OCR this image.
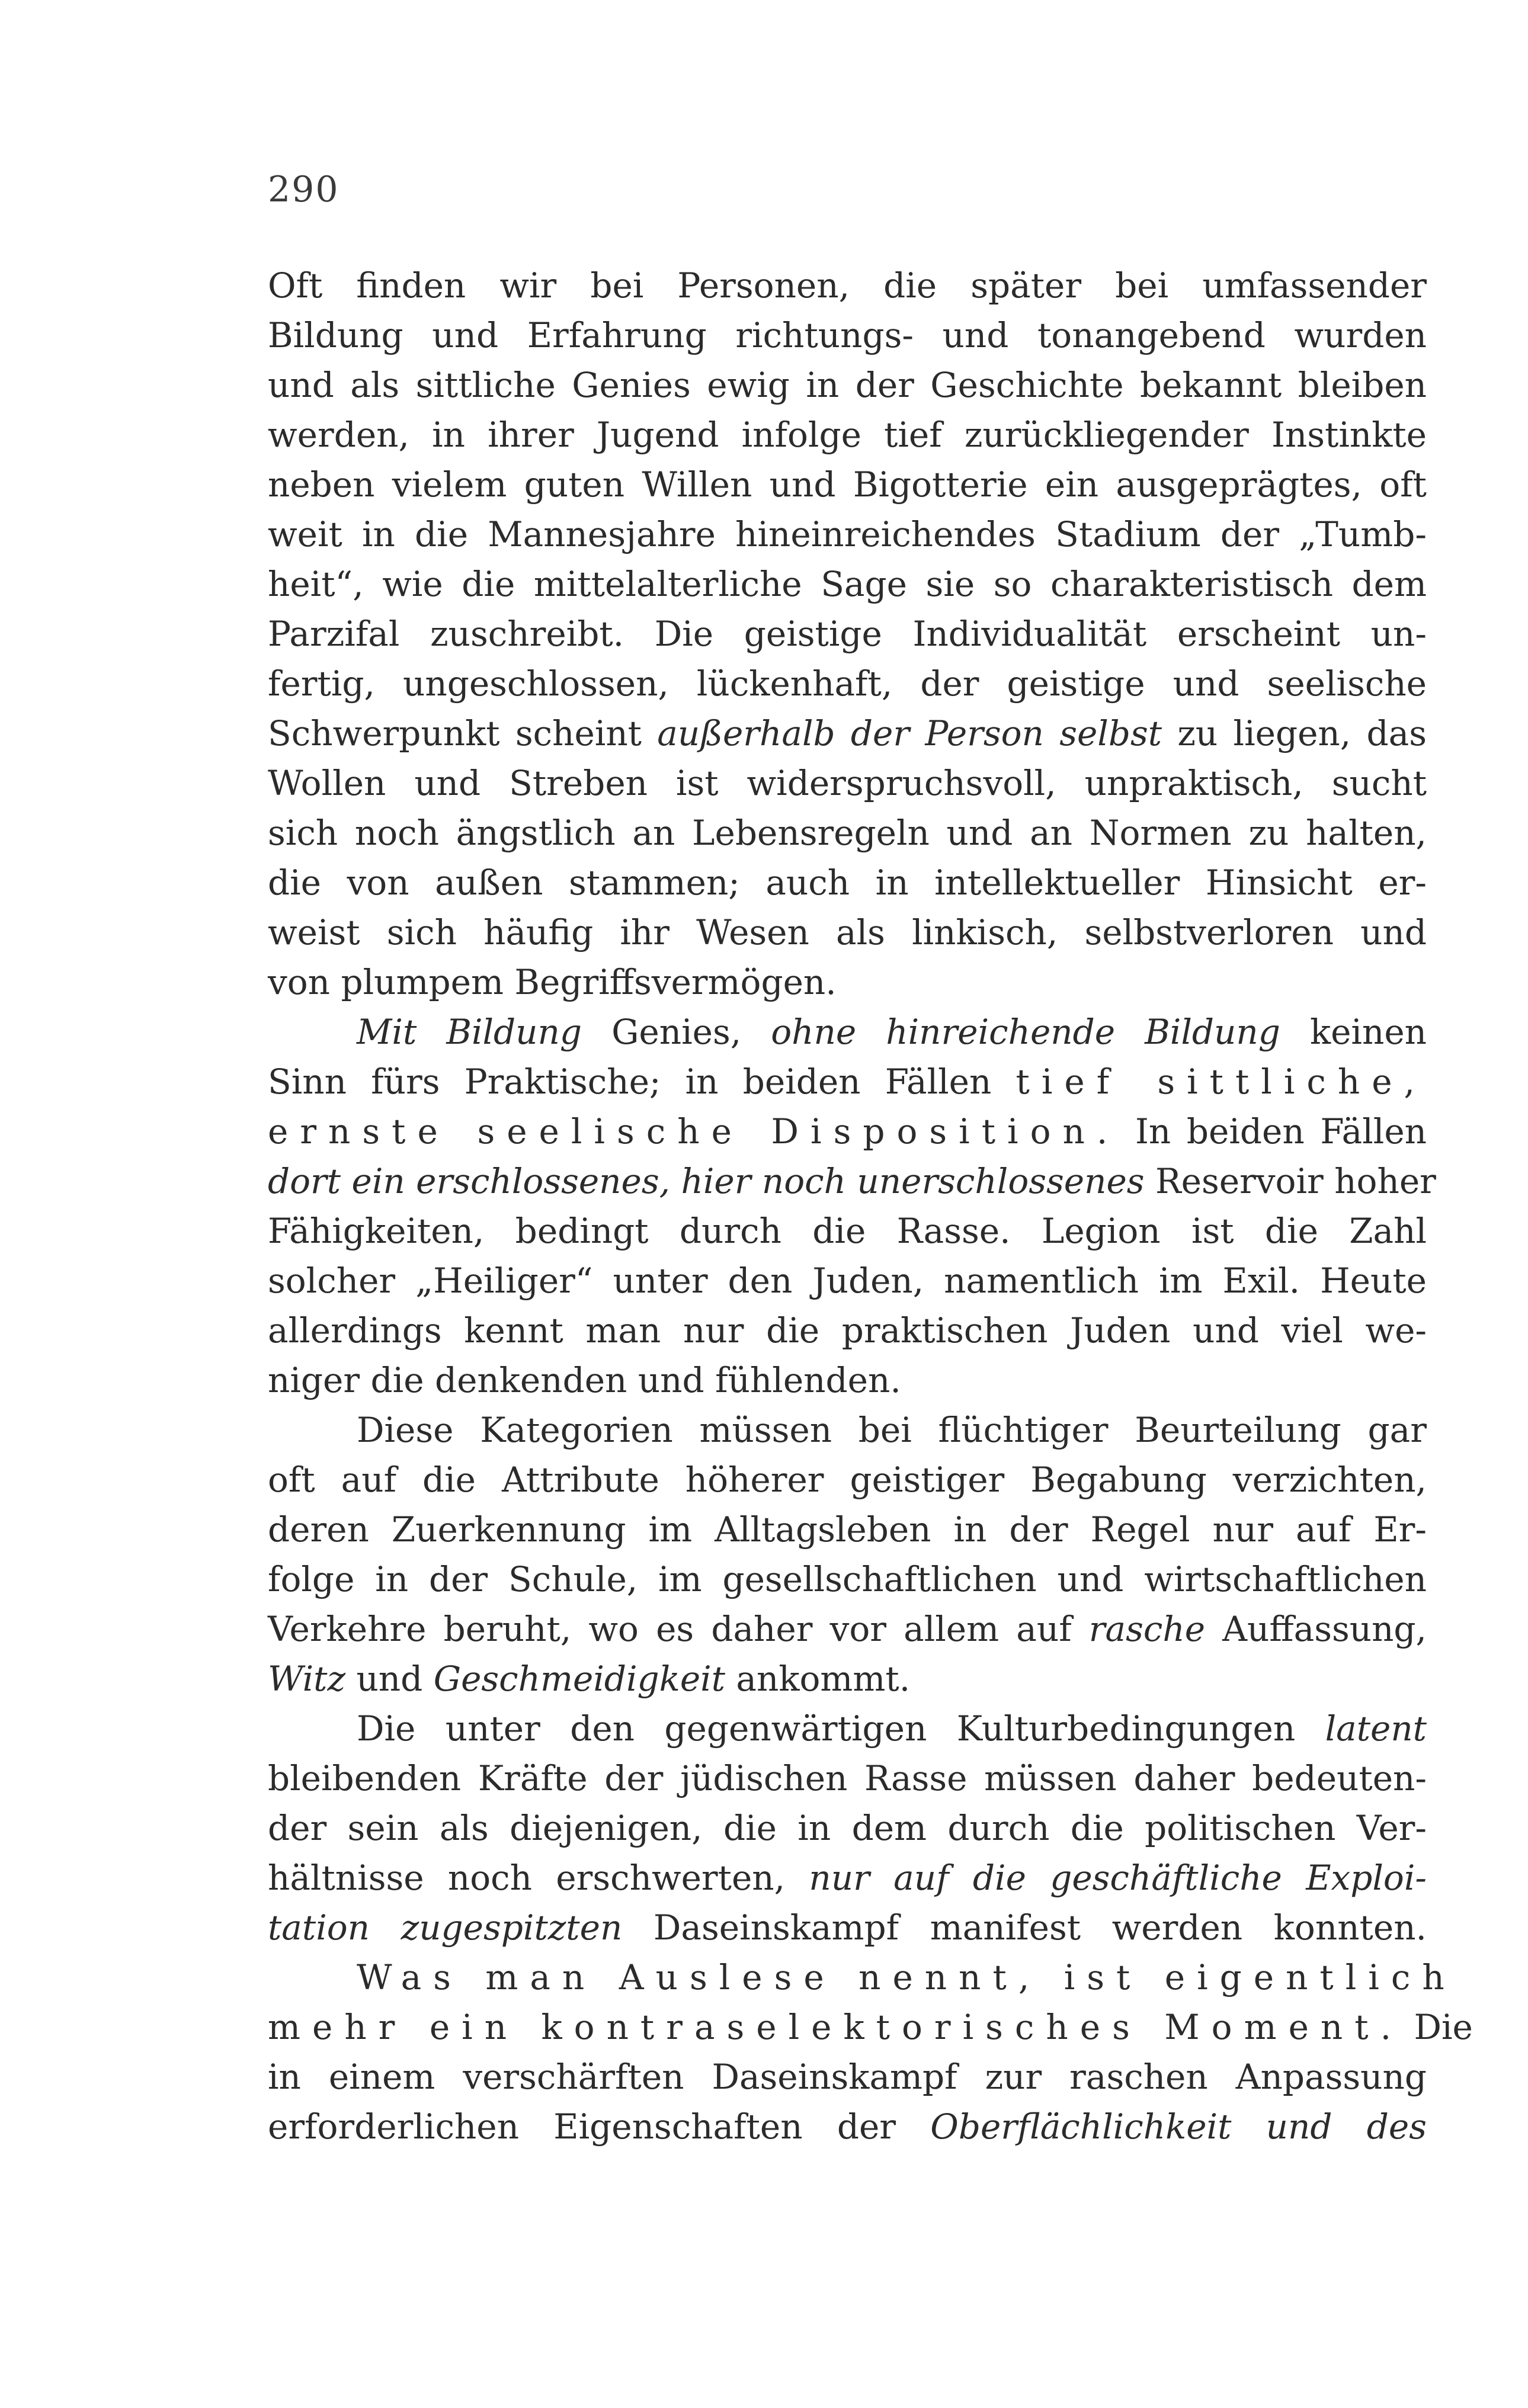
290
Oft finden wir bei Personen, die später bei umfassender
Bildung und Erfahrung richtungs- und tonangebend wurden
und als sittliche Genies ewig in der Geschichte bekannt bleiben
werden, in ihrer Jugend infolge tief zurückliegender Instinkte
neben vielem guten Willen und Bigotterie ein ausgeprägtes, oft
weit in die Mannesjahre hineinreichendes Stadium der „Tumb-
heit“, wie die mittelalterliche Sage sie so charakteristisch dem
Parzifal zuschreibt. Die geistige Individualität erscheint un-
fertig, ungeschlossen, lückenhaft, der geistige und seelische
Schwerpunkt scheint außerhalb der Person selbst zu liegen, das
Wollen und Streben ist widerspruchsvoll, unpraktisch, sucht
sich noch ängstlich an Lebensregeln und an Normen zu halten,
die von außen stammen; auch in intellektueller Hinsicht er-
weist sich häufig ihr Wesen als linkisch, selbstverloren und
von plumpem Begriffsvermögen.
Mit Bildung Genies, ohne hinreichende Bildung keinen
Sinn fürs Praktische; in beiden Fällen tief sittliche,
ernste seelische Disposition. In beiden Fällen
dort ein erschlossenes, hier noch unerschlossenes Reservoir hoher
Fähigkeiten, bedingt durch die Rasse. Legion ist die Zahl
solcher „Heiliger“ unter den Juden, namentlich im Exil. Heute
allerdings kennt man nur die praktischen Juden und viel we-
niger die denkenden und fühlenden.
Diese Kategorien müssen bei flüchtiger Beurteilung gar
oft auf die Attribute höherer geistiger Begabung verzichten,
deren Zuerkennung im Alltagsleben in der Regel nur auf Er-
folge in der Schule, im gesellschaftlichen und wirtschaftlichen
Verkehre beruht, wo es daher vor allem auf rasche Auffassung,
Witz und Geschmeidigkeit ankommt.
Die unter den gegenwärtigen Kulturbedingungen latent
bleibenden Kräfte der jüdischen Rasse müssen daher bedeuten-
der sein als diejenigen, die in dem durch die politischen Ver-
hältnisse noch erschwerten, nur auf die geschäftliche Exploi-
tation zugespitzten Daseinskampf manifest werden konnten.
Was man Auslese nennt, ist eigentlich
mehr ein kontraselektorisches Moment. Die
in einem verschärften Daseinskampf zur raschen Anpassung
erforderlichen Eigenschaften der Oberflächlichkeit und des
